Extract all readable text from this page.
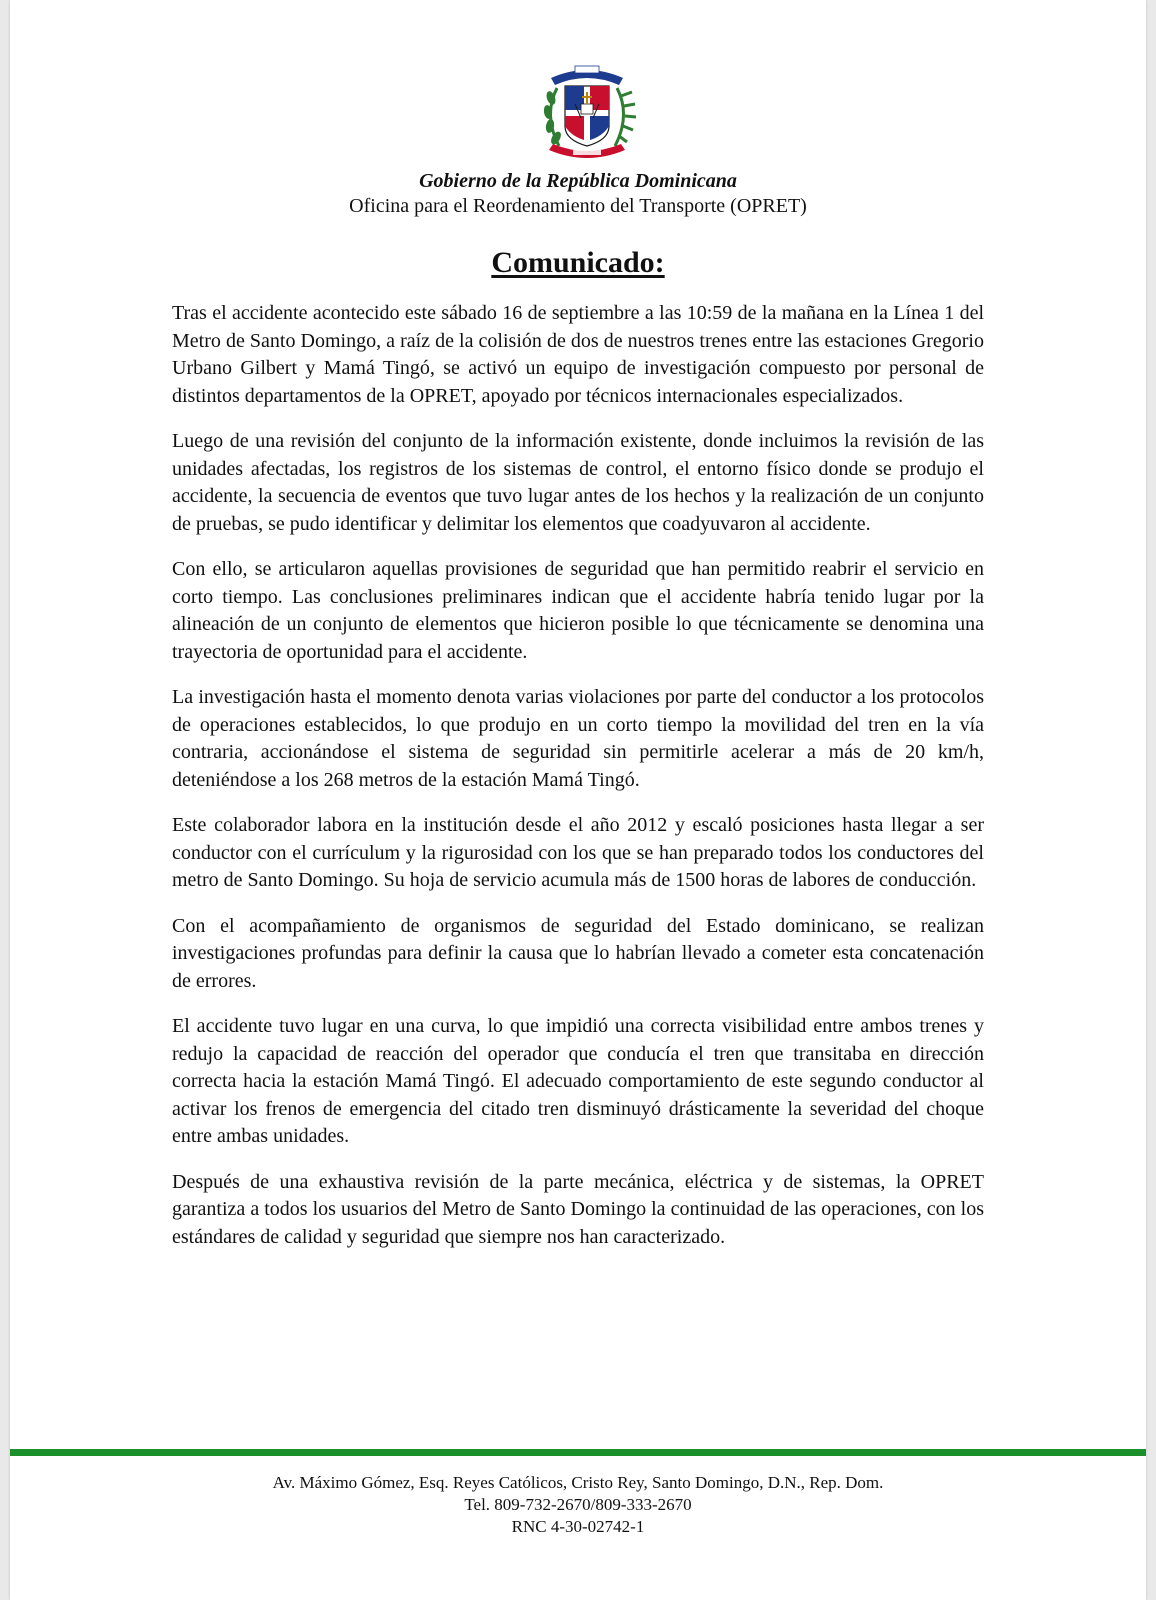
Gobierno de la República Dominicana
Oficina para el Reordenamiento del Transporte (OPRET)
Comunicado:

Tras el accidente acontecido este sábado 16 de septiembre a las 10:59 de la mañana en la Línea 1 del Metro de Santo Domingo, a raíz de la colisión de dos de nuestros trenes entre las estaciones Gregorio Urbano Gilbert y Mamá Tingó, se activó un equipo de investigación compuesto por personal de distintos departamentos de la OPRET, apoyado por técnicos internacionales especializados.

Luego de una revisión del conjunto de la información existente, donde incluimos la revisión de las unidades afectadas, los registros de los sistemas de control, el entorno físico donde se produjo el accidente, la secuencia de eventos que tuvo lugar antes de los hechos y la realización de un conjunto de pruebas, se pudo identificar y delimitar los elementos que coadyuvaron al accidente.

Con ello, se articularon aquellas provisiones de seguridad que han permitido reabrir el servicio en corto tiempo. Las conclusiones preliminares indican que el accidente habría tenido lugar por la alineación de un conjunto de elementos que hicieron posible lo que técnicamente se denomina una trayectoria de oportunidad para el accidente.

La investigación hasta el momento denota varias violaciones por parte del conductor a los protocolos de operaciones establecidos, lo que produjo en un corto tiempo la movilidad del tren en la vía contraria, accionándose el sistema de seguridad sin permitirle acelerar a más de 20 km/h, deteniéndose a los 268 metros de la estación Mamá Tingó.

Este colaborador labora en la institución desde el año 2012 y escaló posiciones hasta llegar a ser conductor con el currículum y la rigurosidad con los que se han preparado todos los conductores del metro de Santo Domingo. Su hoja de servicio acumula más de 1500 horas de labores de conducción.

Con el acompañamiento de organismos de seguridad del Estado dominicano, se realizan investigaciones profundas para definir la causa que lo habrían llevado a cometer esta concatenación de errores.

El accidente tuvo lugar en una curva, lo que impidió una correcta visibilidad entre ambos trenes y redujo la capacidad de reacción del operador que conducía el tren que transitaba en dirección correcta hacia la estación Mamá Tingó. El adecuado comportamiento de este segundo conductor al activar los frenos de emergencia del citado tren disminuyó drásticamente la severidad del choque entre ambas unidades.

Después de una exhaustiva revisión de la parte mecánica, eléctrica y de sistemas, la OPRET garantiza a todos los usuarios del Metro de Santo Domingo la continuidad de las operaciones, con los estándares de calidad y seguridad que siempre nos han caracterizado.

Av. Máximo Gómez, Esq. Reyes Católicos, Cristo Rey, Santo Domingo, D.N., Rep. Dom.
Tel. 809-732-2670/809-333-2670
RNC 4-30-02742-1
